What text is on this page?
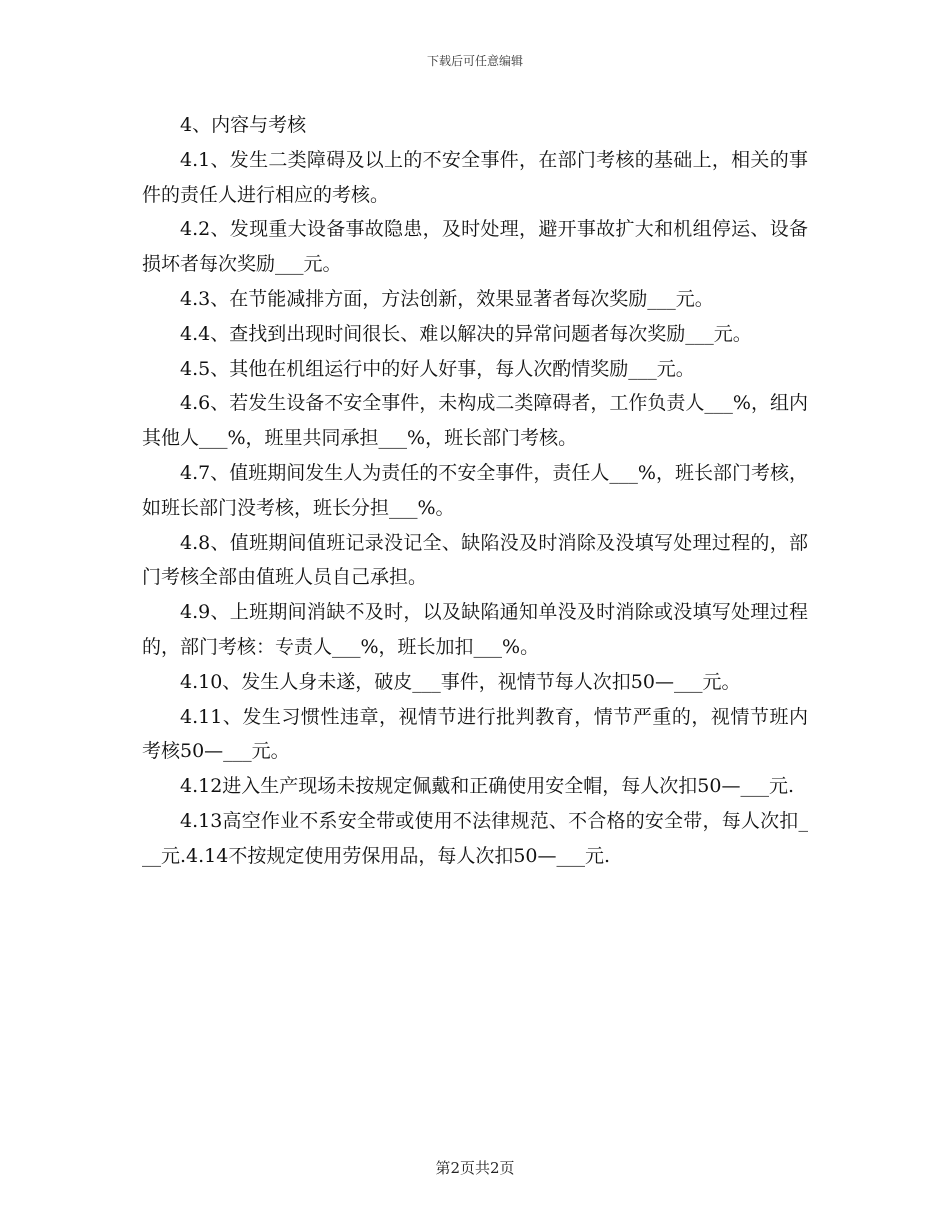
下载后可任意编辑

4、内容与考核

4.1、发生二类障碍及以上的不安全事件，在部门考核的基础上，相关的事件的责任人进行相应的考核。

4.2、发现重大设备事故隐患，及时处理，避开事故扩大和机组停运、设备损坏者每次奖励___元。

4.3、在节能减排方面，方法创新，效果显著者每次奖励___元。

4.4、查找到出现时间很长、难以解决的异常问题者每次奖励___元。

4.5、其他在机组运行中的好人好事，每人次酌情奖励___元。

4.6、若发生设备不安全事件，未构成二类障碍者，工作负责人___%，组内其他人___%，班里共同承担___%，班长部门考核。

4.7、值班期间发生人为责任的不安全事件，责任人___%，班长部门考核，如班长部门没考核，班长分担___%。

4.8、值班期间值班记录没记全、缺陷没及时消除及没填写处理过程的，部门考核全部由值班人员自己承担。

4.9、上班期间消缺不及时，以及缺陷通知单没及时消除或没填写处理过程的，部门考核：专责人___%，班长加扣___%。

4.10、发生人身未遂，破皮___事件，视情节每人次扣50—___元。

4.11、发生习惯性违章，视情节进行批判教育，情节严重的，视情节班内考核50—___元。

4.12进入生产现场未按规定佩戴和正确使用安全帽，每人次扣50—___元.

4.13高空作业不系安全带或使用不法律规范、不合格的安全带，每人次扣___元.4.14不按规定使用劳保用品，每人次扣50—___元.

第2页共2页
